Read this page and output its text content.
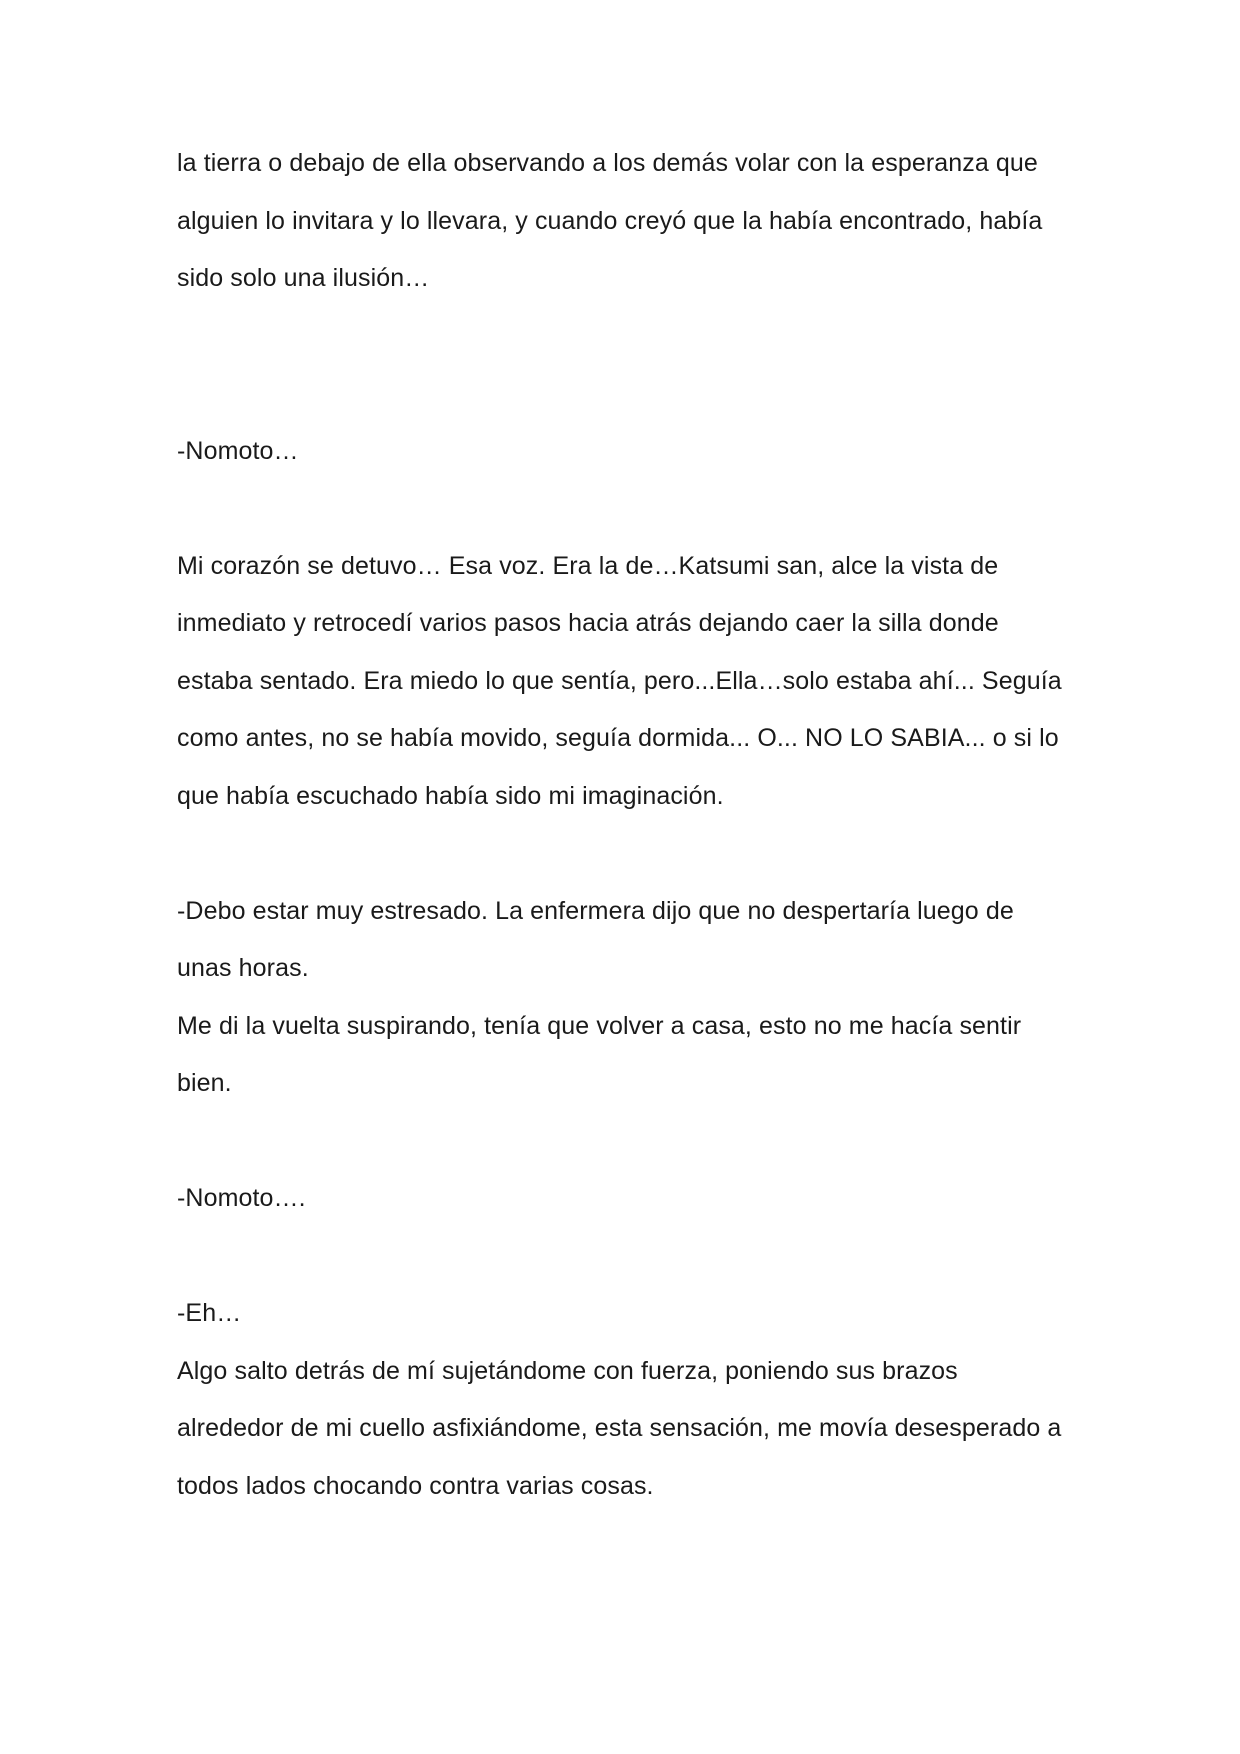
la tierra o debajo de ella observando a los demás volar con la esperanza que
alguien lo invitara y lo llevara, y cuando creyó que la había encontrado, había
sido solo una ilusión…
-Nomoto…
Mi corazón se detuvo… Esa voz. Era la de…Katsumi san, alce la vista de
inmediato y retrocedí varios pasos hacia atrás dejando caer la silla donde
estaba sentado. Era miedo lo que sentía, pero...Ella…solo estaba ahí... Seguía
como antes, no se había movido, seguía dormida... O... NO LO SABIA... o si lo
que había escuchado había sido mi imaginación.
-Debo estar muy estresado. La enfermera dijo que no despertaría luego de
unas horas.
Me di la vuelta suspirando, tenía que volver a casa, esto no me hacía sentir
bien.
-Nomoto….
-Eh…
Algo salto detrás de mí sujetándome con fuerza, poniendo sus brazos
alrededor de mi cuello asfixiándome, esta sensación, me movía desesperado a
todos lados chocando contra varias cosas.
